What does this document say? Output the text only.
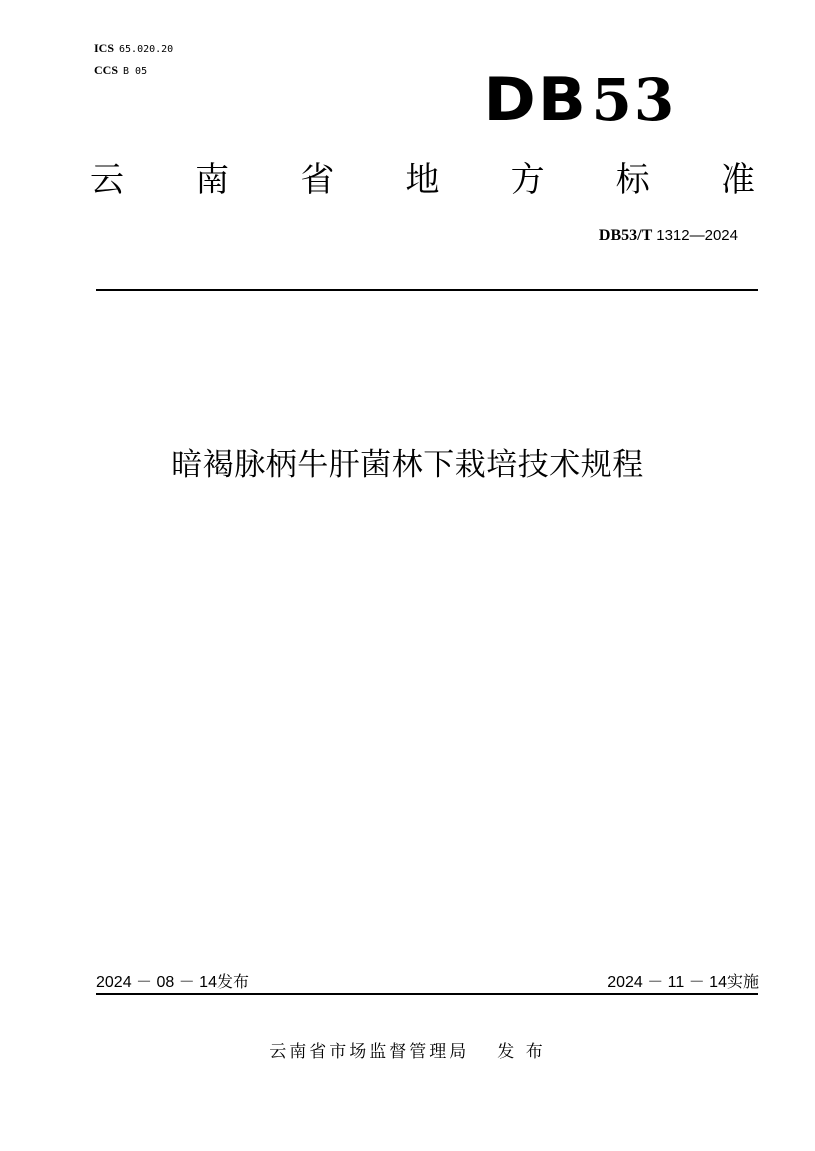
ICS 65.020.20
CCS B 05	DB53
云 南 省 地 方 标 准
DB53/T 1312—2024
暗褐脉柄牛肝菌林下栽培技术规程
2024 － 08 － 14发布	2024 － 11 － 14实施
云南省市场监督管理局 发 布
